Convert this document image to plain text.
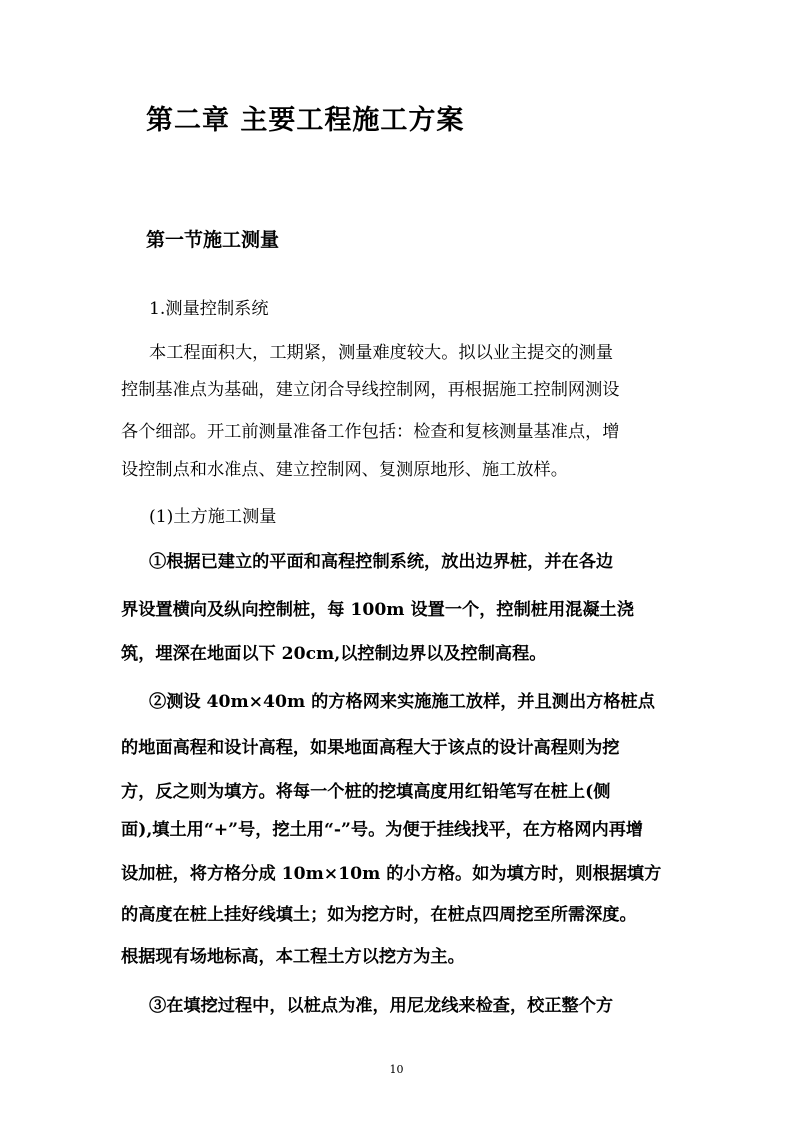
第二章 主要工程施工方案
第一节施工测量

1.测量控制系统

本工程面积大，工期紧，测量难度较大。拟以业主提交的测量

控制基准点为基础，建立闭合导线控制网，再根据施工控制网测设

各个细部。开工前测量准备工作包括：检查和复核测量基准点，增

设控制点和水准点、建立控制网、复测原地形、施工放样。

(1)土方施工测量

①根据已建立的平面和高程控制系统，放出边界桩，并在各边

界设置横向及纵向控制桩，每 100m 设置一个，控制桩用混凝土浇

筑，埋深在地面以下 20cm,以控制边界以及控制高程。

②测设 40m×40m 的方格网来实施施工放样，并且测出方格桩点

的地面高程和设计高程，如果地面高程大于该点的设计高程则为挖

方，反之则为填方。将每一个桩的挖填高度用红铅笔写在桩上(侧

面),填土用“+”号，挖土用“-”号。为便于挂线找平，在方格网内再增

设加桩，将方格分成 10m×10m 的小方格。如为填方时，则根据填方

的高度在桩上挂好线填土；如为挖方时，在桩点四周挖至所需深度。

根据现有场地标高，本工程土方以挖方为主。

③在填挖过程中，以桩点为准，用尼龙线来检查，校正整个方

10
